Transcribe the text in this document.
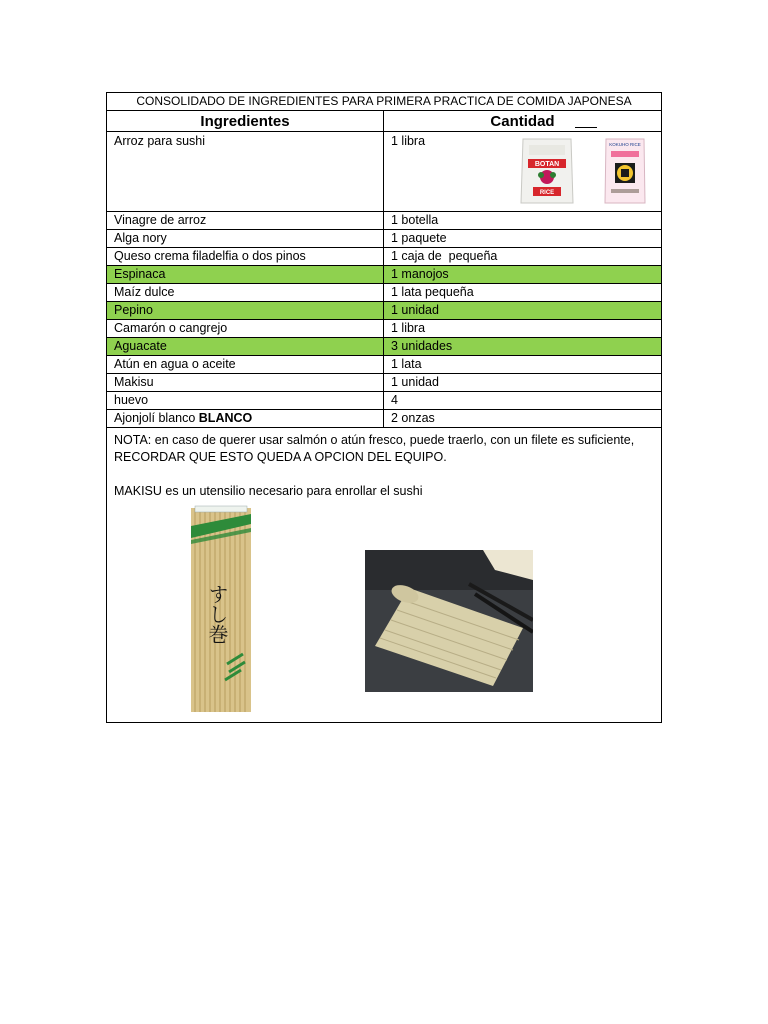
CONSOLIDADO DE INGREDIENTES PARA PRIMERA PRACTICA DE COMIDA JAPONESA	
Ingredientes	Cantidad
Arroz para sushi	1 libra
BOTAN
RICE
KOKUHO RICE

Vinagre de arroz	1 botella
Alga nory	1 paquete
Queso crema filadelfia o dos pinos	1 caja de  pequeña
Espinaca	1 manojos
Maíz dulce	1 lata pequeña
Pepino	1 unidad
Camarón o cangrejo	1 libra
Aguacate	3 unidades
Atún en agua o aceite	1 lata
Makisu	1 unidad
huevo	4
Ajonjolí blanco BLANCO	2 onzas

NOTA: en caso de querer usar salmón o atún fresco, puede traerlo, con un filete es suficiente,

RECORDAR QUE ESTO QUEDA A OPCION DEL EQUIPO.

MAKISU es un utensilio necesario para enrollar el sushi

すし巻	
